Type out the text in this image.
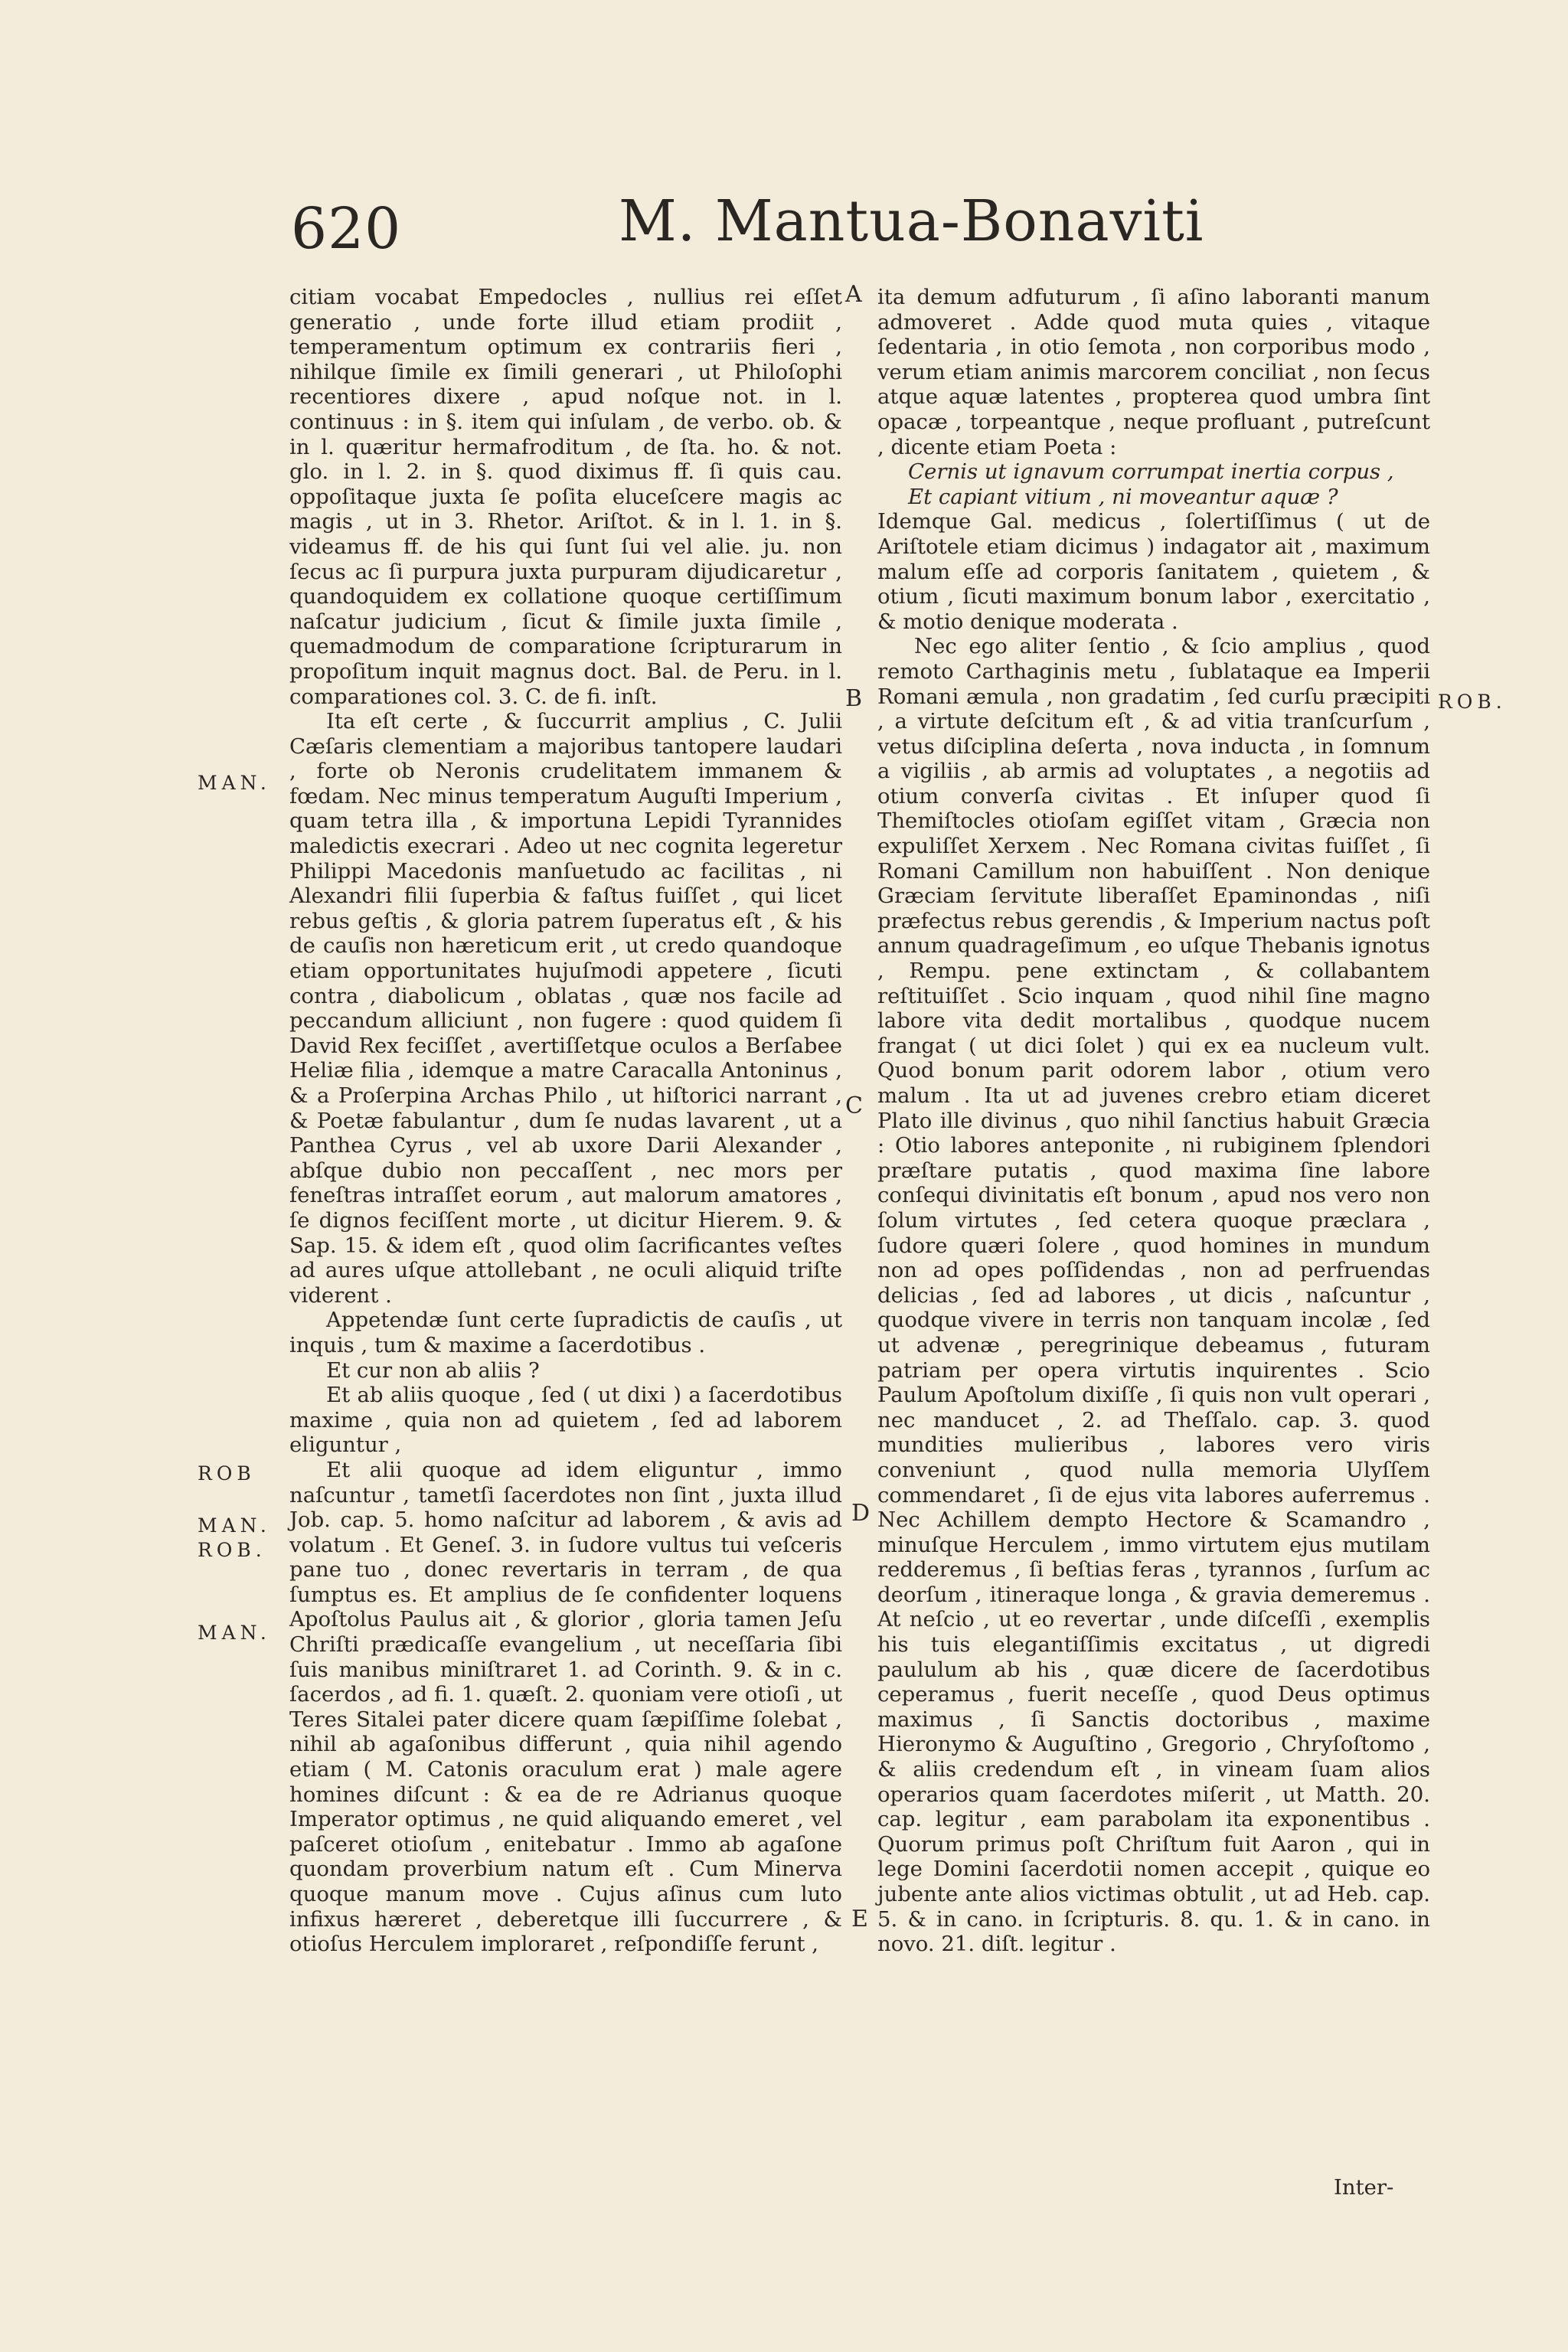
620	M. Mantua-Bonaviti

citiam vocabat Empedocles , nullius rei eſſet generatio , unde forte illud etiam prodiit , temperamentum optimum ex contrariis fieri , nihilque ſimile ex ſimili generari , ut Philoſophi recentiores dixere , apud noſque not. in l. continuus : in §. item qui inſulam , de verbo. ob. & in l. quæritur hermafroditum , de ſta. ho. & not. glo. in l. 2. in §. quod diximus ff. ſi quis cau. oppoſitaque juxta ſe poſita eluceſcere magis ac magis , ut in 3. Rhetor. Ariſtot. & in l. 1. in §. videamus ff. de his qui ſunt ſui vel alie. ju. non ſecus ac ſi purpura juxta purpuram dijudicaretur , quandoquidem ex collatione quoque certiſſimum naſcatur judicium , ſicut & ſimile juxta ſimile , quemadmodum de comparatione ſcripturarum in propoſitum inquit magnus doct. Bal. de Peru. in l. comparationes col. 3. C. de fi. inſt.

Ita eſt certe , & ſuccurrit amplius , C. Julii Cæſaris clementiam a majoribus tantopere laudari , forte ob Neronis crudelitatem immanem & fœdam. Nec minus temperatum Auguſti Imperium , quam tetra illa , & importuna Lepidi Tyrannides maledictis execrari . Adeo ut nec cognita legeretur Philippi Macedonis manſuetudo ac facilitas , ni Alexandri filii ſuperbia & faſtus fuiſſet , qui licet rebus geſtis , & gloria patrem ſuperatus eſt , & his de cauſis non hæreticum erit , ut credo quandoque etiam opportunitates hujuſmodi appetere , ſicuti contra , diabolicum , oblatas , quæ nos facile ad peccandum alliciunt , non fugere : quod quidem ſi David Rex feciſſet , avertiſſetque oculos a Berſabee Heliæ filia , idemque a matre Caracalla Antoninus , & a Proſerpina Archas Philo , ut hiſtorici narrant , & Poetæ fabulantur , dum ſe nudas lavarent , ut a Panthea Cyrus , vel ab uxore Darii Alexander , abſque dubio non peccaſſent , nec mors per feneſtras intraſſet eorum , aut malorum amatores , ſe dignos feciſſent morte , ut dicitur Hierem. 9. & Sap. 15. & idem eſt , quod olim ſacrificantes veſtes ad aures uſque attollebant , ne oculi aliquid triſte viderent .

Appetendæ ſunt certe ſupradictis de cauſis , ut inquis , tum & maxime a ſacerdotibus .

Et cur non ab aliis ?

Et ab aliis quoque , ſed ( ut dixi ) a ſacerdotibus maxime , quia non ad quietem , ſed ad laborem eliguntur ,

Et alii quoque ad idem eliguntur , immo naſcuntur , tametſi ſacerdotes non ſint , juxta illud Job. cap. 5. homo naſcitur ad laborem , & avis ad volatum . Et Geneſ. 3. in ſudore vultus tui veſceris pane tuo , donec revertaris in terram , de qua ſumptus es. Et amplius de ſe confidenter loquens Apoſtolus Paulus ait , & glorior , gloria tamen Jeſu Chriſti prædicaſſe evangelium , ut neceſſaria ſibi ſuis manibus miniſtraret 1. ad Corinth. 9. & in c. ſacerdos , ad fi. 1. quæſt. 2. quoniam vere otioſi , ut Teres Sitalei pater dicere quam ſæpiſſime ſolebat , nihil ab agaſonibus differunt , quia nihil agendo etiam ( M. Catonis oraculum erat ) male agere homines diſcunt : & ea de re Adrianus quoque Imperator optimus , ne quid aliquando emeret , vel paſceret otioſum , enitebatur . Immo ab agaſone quondam proverbium natum eſt . Cum Minerva quoque manum move . Cujus aſinus cum luto infixus hæreret , deberetque illi ſuccurrere , & otioſus Herculem imploraret , reſpondiſſe ferunt ,

ita demum adfuturum , ſi aſino laboranti manum admoveret . Adde quod muta quies , vitaque ſedentaria , in otio ſemota , non corporibus modo , verum etiam animis marcorem conciliat , non ſecus atque aquæ latentes , propterea quod umbra ſint opacæ , torpeantque , neque profluant , putreſcunt , dicente etiam Poeta :

Cernis ut ignavum corrumpat inertia corpus ,

Et capiant vitium , ni moveantur aquæ ?

Idemque Gal. medicus , ſolertiſſimus ( ut de Ariſtotele etiam dicimus ) indagator ait , maximum malum eſſe ad corporis ſanitatem , quietem , & otium , ſicuti maximum bonum labor , exercitatio , & motio denique moderata .

Nec ego aliter ſentio , & ſcio amplius , quod remoto Carthaginis metu , ſublataque ea Imperii Romani æmula , non gradatim , ſed curſu præcipiti , a virtute deſcitum eſt , & ad vitia tranſcurſum , vetus diſciplina deſerta , nova inducta , in ſomnum a vigiliis , ab armis ad voluptates , a negotiis ad otium converſa civitas . Et inſuper quod ſi Themiſtocles otioſam egiſſet vitam , Græcia non expuliſſet Xerxem . Nec Romana civitas fuiſſet , ſi Romani Camillum non habuiſſent . Non denique Græciam ſervitute liberaſſet Epaminondas , niſi præfectus rebus gerendis , & Imperium nactus poſt annum quadrageſimum , eo uſque Thebanis ignotus , Rempu. pene extinctam , & collabantem reſtituiſſet . Scio inquam , quod nihil ſine magno labore vita dedit mortalibus , quodque nucem frangat ( ut dici ſolet ) qui ex ea nucleum vult. Quod bonum parit odorem labor , otium vero malum . Ita ut ad juvenes crebro etiam diceret Plato ille divinus , quo nihil ſanctius habuit Græcia : Otio labores anteponite , ni rubiginem ſplendori præſtare putatis , quod maxima ſine labore conſequi divinitatis eſt bonum , apud nos vero non ſolum virtutes , ſed cetera quoque præclara , ſudore quæri ſolere , quod homines in mundum non ad opes poſſidendas , non ad perfruendas delicias , ſed ad labores , ut dicis , naſcuntur , quodque vivere in terris non tanquam incolæ , ſed ut advenæ , peregrinique debeamus , futuram patriam per opera virtutis inquirentes . Scio Paulum Apoſtolum dixiſſe , ſi quis non vult operari , nec manducet , 2. ad Theſſalo. cap. 3. quod mundities mulieribus , labores vero viris conveniunt , quod nulla memoria Ulyſſem commendaret , ſi de ejus vita labores auferremus . Nec Achillem dempto Hectore & Scamandro , minuſque Herculem , immo virtutem ejus mutilam redderemus , ſi beſtias feras , tyrannos , ſurſum ac deorſum , itineraque longa , & gravia demeremus . At neſcio , ut eo revertar , unde diſceſſi , exemplis his tuis elegantiſſimis excitatus , ut digredi paululum ab his , quæ dicere de ſacerdotibus ceperamus , fuerit neceſſe , quod Deus optimus maximus , ſi Sanctis doctoribus , maxime Hieronymo & Auguſtino , Gregorio , Chryſoſtomo , & aliis credendum eſt , in vineam ſuam alios operarios quam ſacerdotes miſerit , ut Matth. 20. cap. legitur , eam parabolam ita exponentibus . Quorum primus poſt Chriſtum fuit Aaron , qui in lege Domini ſacerdotii nomen accepit , quique eo jubente ante alios victimas obtulit , ut ad Heb. cap. 5. & in cano. in ſcripturis. 8. qu. 1. & in cano. in novo. 21. diſt. legitur .

MAN.
ROB
MAN.
ROB.
MAN.
ROB.
A
B
C
D
E
Inter-
